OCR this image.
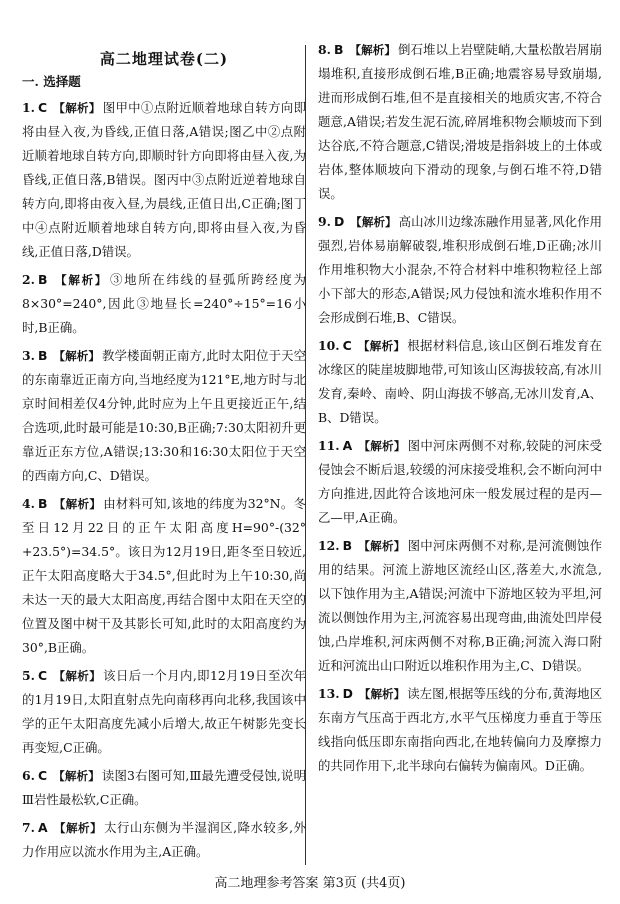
高二地理试卷(二)
一. 选择题
1. C 【解析】 图甲中①点附近顺着地球自转方向即将由昼入夜,为昏线,正值日落,A错误;图乙中②点附近顺着地球自转方向,即顺时针方向即将由昼入夜,为昏线,正值日落,B错误。图丙中③点附近逆着地球自转方向,即将由夜入昼,为晨线,正值日出,C正确;图丁中④点附近顺着地球自转方向,即将由昼入夜,为昏线,正值日落,D错误。
2. B 【解析】 ③地所在纬线的昼弧所跨经度为8×30°=240°,因此③地昼长=240°÷15°=16小时,B正确。
3. B 【解析】 教学楼面朝正南方,此时太阳位于天空的东南靠近正南方向,当地经度为121°E,地方时与北京时间相差仅4分钟,此时应为上午且更接近正午,结合选项,此时最可能是10:30,B正确;7:30太阳初升更靠近正东方位,A错误;13:30和16:30太阳位于天空的西南方向,C、D错误。
4. B 【解析】 由材料可知,该地的纬度为32°N。冬至日12月22日的正午太阳高度H=90°-(32°+23.5°)=34.5°。该日为12月19日,距冬至日较近,正午太阳高度略大于34.5°,但此时为上午10:30,尚未达一天的最大太阳高度,再结合图中太阳在天空的位置及图中树干及其影长可知,此时的太阳高度约为30°,B正确。
5. C 【解析】 该日后一个月内,即12月19日至次年的1月19日,太阳直射点先向南移再向北移,我国该中学的正午太阳高度先减小后增大,故正午树影先变长再变短,C正确。
6. C 【解析】 读图3右图可知,Ⅲ最先遭受侵蚀,说明Ⅲ岩性最松软,C正确。
7. A 【解析】 太行山东侧为半湿润区,降水较多,外力作用应以流水作用为主,A正确。
8. B 【解析】 倒石堆以上岩壁陡峭,大量松散岩屑崩塌堆积,直接形成倒石堆,B正确;地震容易导致崩塌,进而形成倒石堆,但不是直接相关的地质灾害,不符合题意,A错误;若发生泥石流,碎屑堆积物会顺坡而下到达谷底,不符合题意,C错误;滑坡是指斜坡上的土体或岩体,整体顺坡向下滑动的现象,与倒石堆不符,D错误。
9. D 【解析】 高山冰川边缘冻融作用显著,风化作用强烈,岩体易崩解破裂,堆积形成倒石堆,D正确;冰川作用堆积物大小混杂,不符合材料中堆积物粒径上部小下部大的形态,A错误;风力侵蚀和流水堆积作用不会形成倒石堆,B、C错误。
10. C 【解析】 根据材料信息,该山区倒石堆发育在冰缘区的陡崖坡脚地带,可知该山区海拔较高,有冰川发育,秦岭、南岭、阴山海拔不够高,无冰川发育,A、B、D错误。
11. A 【解析】 图中河床两侧不对称,较陡的河床受侵蚀会不断后退,较缓的河床接受堆积,会不断向河中方向推进,因此符合该地河床一般发展过程的是丙—乙—甲,A正确。
12. B 【解析】 图中河床两侧不对称,是河流侧蚀作用的结果。河流上游地区流经山区,落差大,水流急,以下蚀作用为主,A错误;河流中下游地区较为平坦,河流以侧蚀作用为主,河流容易出现弯曲,曲流处凹岸侵蚀,凸岸堆积,河床两侧不对称,B正确;河流入海口附近和河流出山口附近以堆积作用为主,C、D错误。
13. D 【解析】 读左图,根据等压线的分布,黄海地区东南方气压高于西北方,水平气压梯度力垂直于等压线指向低压即东南指向西北,在地转偏向力及摩擦力的共同作用下,北半球向右偏转为偏南风。D正确。
高二地理参考答案 第3页 (共4页)
